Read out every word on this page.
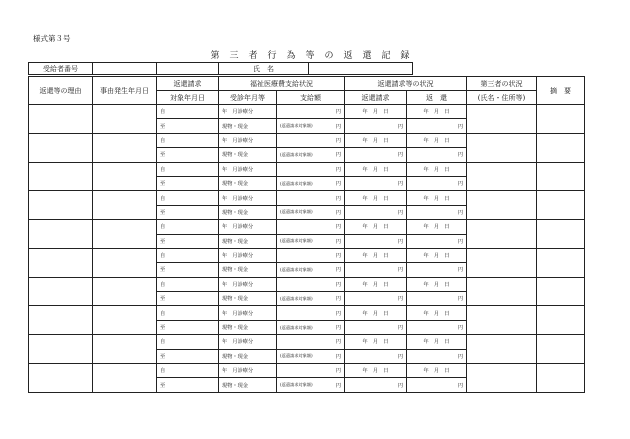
様式第３号
第三者行為等の返還記録
受給者番号			氏　名	
返還等の理由	事由発生年月日	返還請求	福祉医療費支給状況		返還請求等の状況		第三者の状況	摘　要
		対象年月日	受診年月等	支給額	返還請求	返　還	(氏名・住所等)	
		自	年　月診療分	円	年　月　日	年　月　日		
		至	現物・現金	(返還請求対象額) 円	円	円		
		自	年　月診療分	円	年　月　日	年　月　日		
		至	現物・現金	(返還請求対象額) 円	円	円		
		自	年　月診療分	円	年　月　日	年　月　日		
		至	現物・現金	(返還請求対象額) 円	円	円		
		自	年　月診療分	円	年　月　日	年　月　日		
		至	現物・現金	(返還請求対象額) 円	円	円		
		自	年　月診療分	円	年　月　日	年　月　日		
		至	現物・現金	(返還請求対象額) 円	円	円		
		自	年　月診療分	円	年　月　日	年　月　日		
		至	現物・現金	(返還請求対象額) 円	円	円		
		自	年　月診療分	円	年　月　日	年　月　日		
		至	現物・現金	(返還請求対象額) 円	円	円		
		自	年　月診療分	円	年　月　日	年　月　日		
		至	現物・現金	(返還請求対象額) 円	円	円		
		自	年　月診療分	円	年　月　日	年　月　日		
		至	現物・現金	(返還請求対象額) 円	円	円		
		自	年　月診療分	円	年　月　日	年　月　日		
		至	現物・現金	(返還請求対象額) 円	円	円		
